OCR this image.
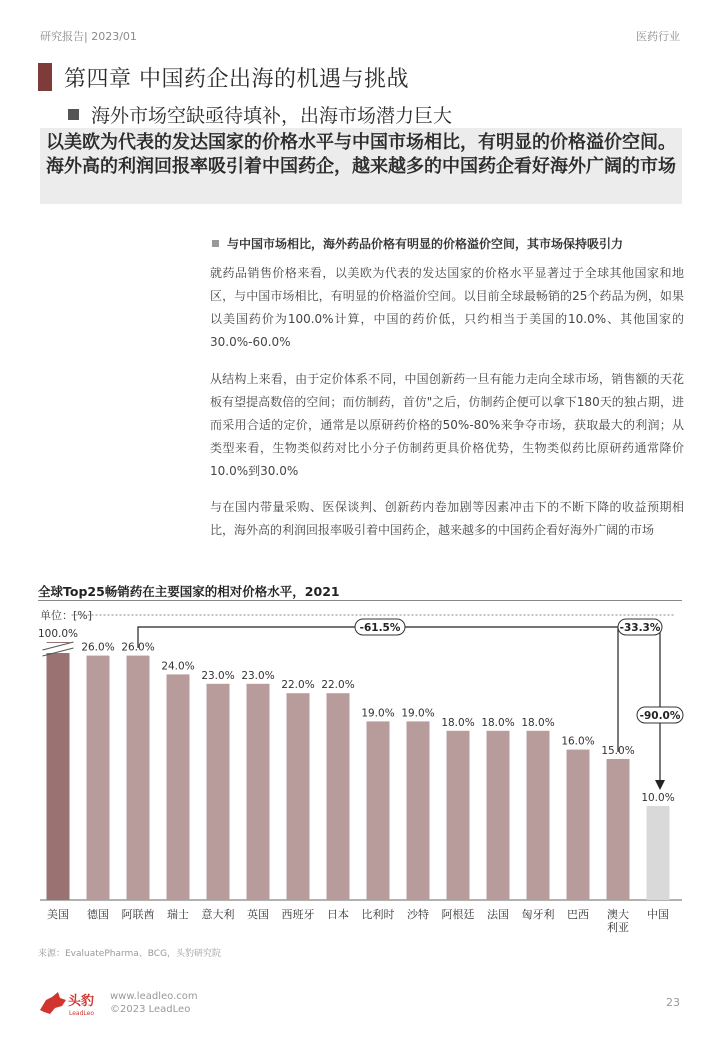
研究报告| 2023/01	医药行业
第四章 中国药企出海的机遇与挑战
海外市场空缺亟待填补，出海市场潜力巨大
以美欧为代表的发达国家的价格水平与中国市场相比，有明显的价格溢价空间。海外高的利润回报率吸引着中国药企，越来越多的中国药企看好海外广阔的市场
与中国市场相比，海外药品价格有明显的价格溢价空间，其市场保持吸引力
就药品销售价格来看，以美欧为代表的发达国家的价格水平显著过于全球其他国家和地区，与中国市场相比，有明显的价格溢价空间。以目前全球最畅销的25个药品为例，如果以美国药价为100.0%计算，中国的药价低，只约相当于美国的10.0%、其他国家的30.0%-60.0%
从结构上来看，由于定价体系不同，中国创新药一旦有能力走向全球市场，销售额的天花板有望提高数倍的空间；而仿制药，首仿"之后，仿制药企便可以拿下180天的独占期，进而采用合适的定价，通常是以原研药价格的50%-80%来争夺市场，获取最大的利润；从类型来看，生物类似药对比小分子仿制药更具价格优势，生物类似药比原研药通常降价10.0%到30.0%
与在国内带量采购、医保谈判、创新药内卷加剧等因素冲击下的不断下降的收益预期相比，海外高的利润回报率吸引着中国药企，越来越多的中国药企看好海外广阔的市场
全球Top25畅销药在主要国家的相对价格水平，2021
单位：[%]
-61.5%	-33.3%
-90.0%
100.0%
美国
26.0%
德国
26.0%
阿联酋
24.0%
瑞士
23.0%
意大利
23.0%
英国
22.0%
西班牙
22.0%
日本
19.0%
比利时
19.0%
沙特
18.0%
阿根廷
18.0%
法国
18.0%
匈牙利
16.0%
巴西
15.0%
澳大
利亚
10.0%
中国
来源：EvaluatePharma、BCG，头豹研究院
头豹
LeadLeo
www.leadleo.com
©2023 LeadLeo
23
